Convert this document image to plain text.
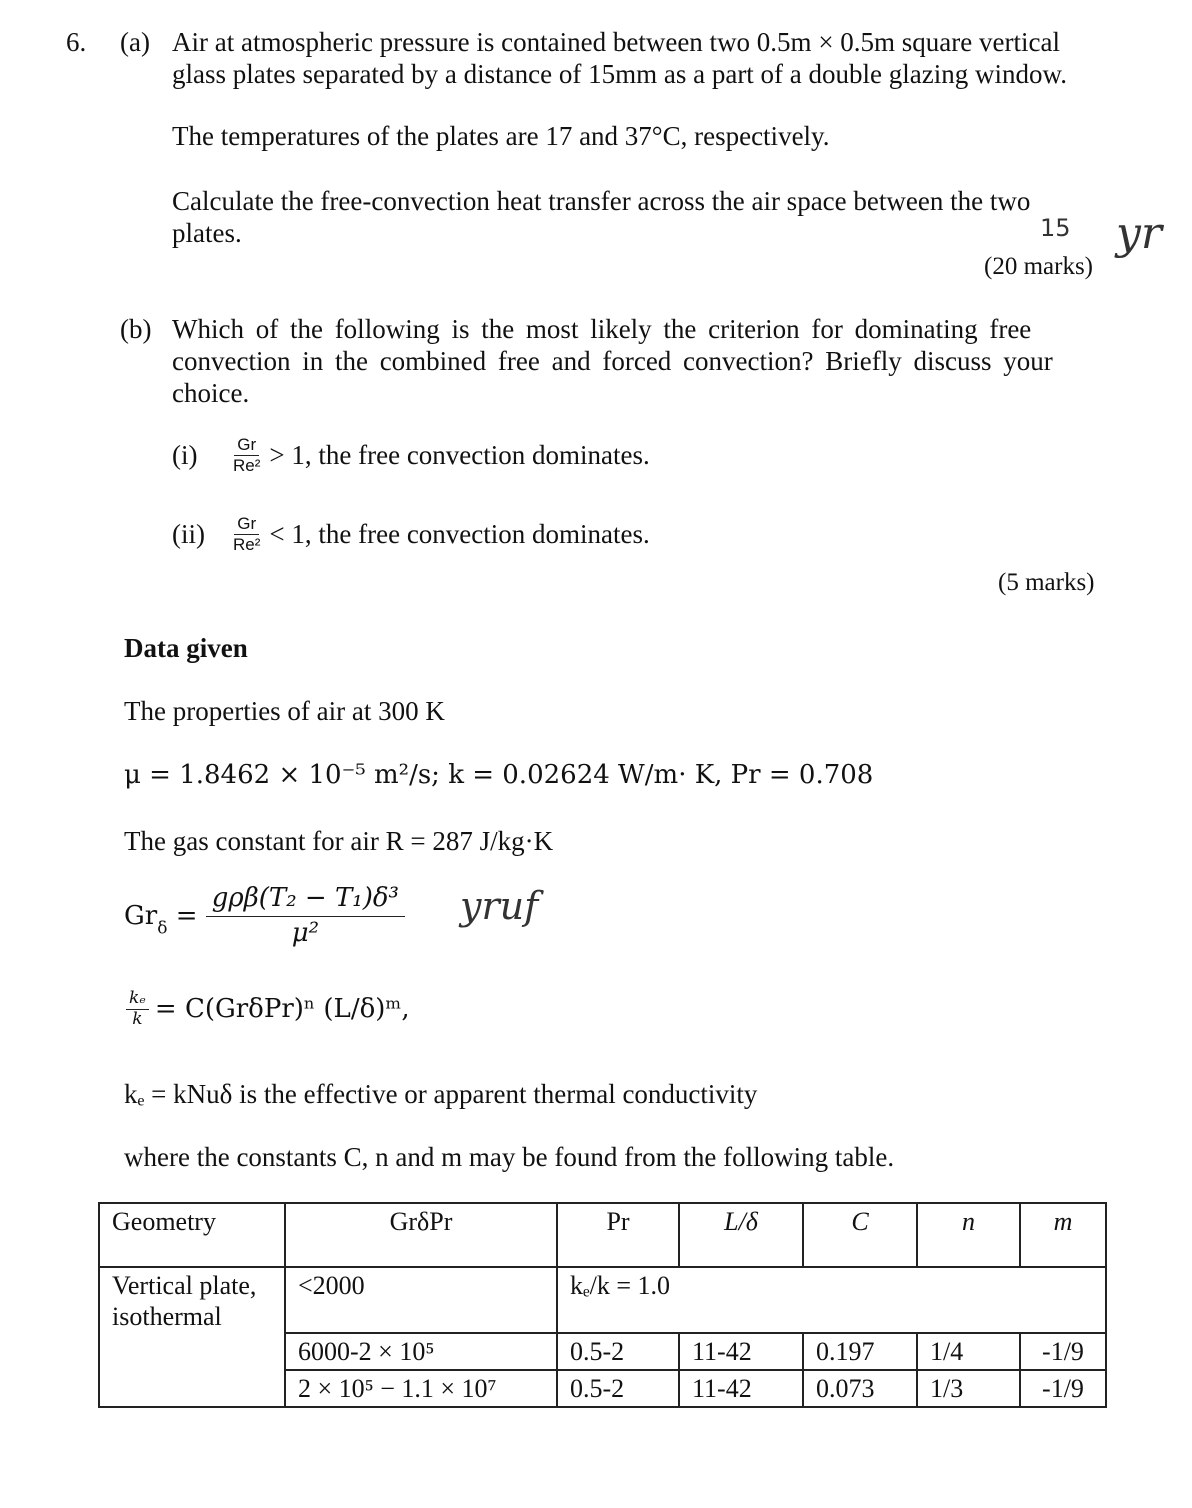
6. (a) Air at atmospheric pressure is contained between two 0.5m × 0.5m square vertical
glass plates separated by a distance of 15mm as a part of a double glazing window.
The temperatures of the plates are 17 and 37°C, respectively.
Calculate the free-convection heat transfer across the air space between the two
plates.
(20 marks)
15 yr
(b) Which of the following is the most likely the criterion for dominating free
convection in the combined free and forced convection? Briefly discuss your
choice.
$(i) \frac{Gr}{\text{Re²}} > 1$, the free convection dominates.
$(ii) \frac{Gr}{\text{Re²}} < 1$, the free convection dominates.
(5 marks)
Data given
The properties of air at 300 K
μ = 1.8462 × 10⁻⁵ m²/s; k = 0.02624 W/m· K, Pr = 0.708
The gas constant for air R = 287 J/kg·K
$Gr_\delta = \frac{\text{gρβ(T₂ − T₁)δ³}}{\text{μ²}}$ yruf
$\frac{\text{kₑ}}{k} = C(Gr\delta Pr)^n$ (L/δ)ᵐ,
kₑ = kNuδ is the effective or apparent thermal conductivity
where the constants C, n and m may be found from the following table.
Geometry	GrδPr	Pr	L/δ	C	n	m
Vertical plate, isothermal	<2000	kₑ/k = 1.0				
	6000-2 × 10⁵	0.5-2	11-42	0.197	1/4	-1/9
	2 × 10⁵ − 1.1 × 10⁷	0.5-2	11-42	0.073	1/3	-1/9
